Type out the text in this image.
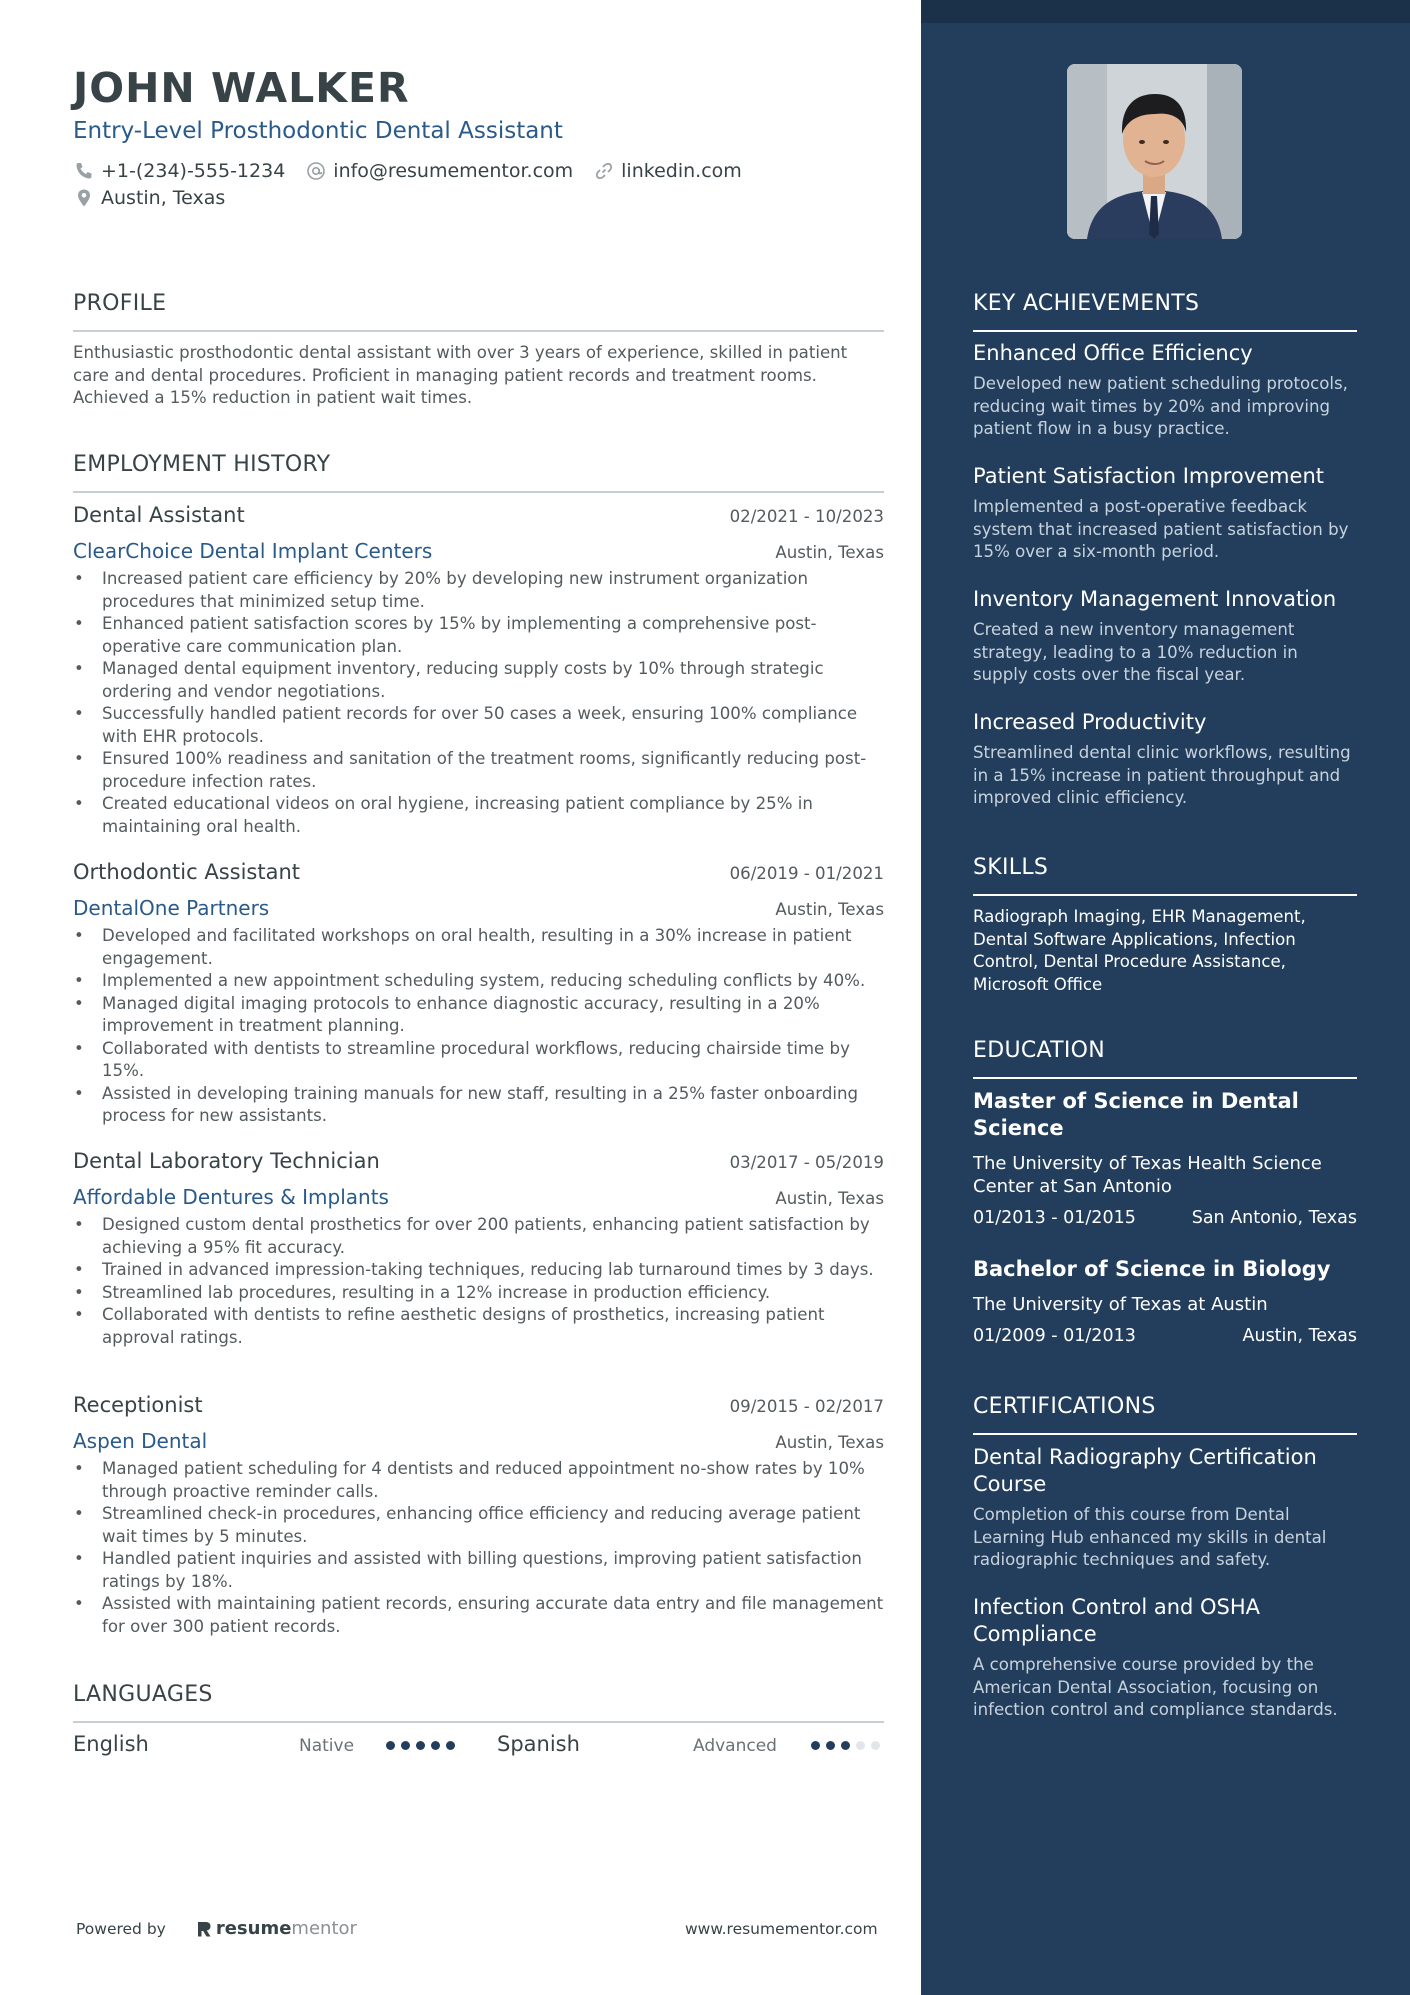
JOHN WALKER
Entry-Level Prosthodontic Dental Assistant
+1-(234)-555-1234	info@resumementor.com	linkedin.com
Austin, Texas
PROFILE
Enthusiastic prosthodontic dental assistant with over 3 years of experience, skilled in patient care and dental procedures. Proficient in managing patient records and treatment rooms. Achieved a 15% reduction in patient wait times.
EMPLOYMENT HISTORY
Dental Assistant	02/2021 - 10/2023
ClearChoice Dental Implant Centers	Austin, Texas
• Increased patient care efficiency by 20% by developing new instrument organization procedures that minimized setup time.
• Enhanced patient satisfaction scores by 15% by implementing a comprehensive post-operative care communication plan.
• Managed dental equipment inventory, reducing supply costs by 10% through strategic ordering and vendor negotiations.
• Successfully handled patient records for over 50 cases a week, ensuring 100% compliance with EHR protocols.
• Ensured 100% readiness and sanitation of the treatment rooms, significantly reducing post-procedure infection rates.
• Created educational videos on oral hygiene, increasing patient compliance by 25% in maintaining oral health.
Orthodontic Assistant	06/2019 - 01/2021
DentalOne Partners	Austin, Texas
• Developed and facilitated workshops on oral health, resulting in a 30% increase in patient engagement.
• Implemented a new appointment scheduling system, reducing scheduling conflicts by 40%.
• Managed digital imaging protocols to enhance diagnostic accuracy, resulting in a 20% improvement in treatment planning.
• Collaborated with dentists to streamline procedural workflows, reducing chairside time by 15%.
• Assisted in developing training manuals for new staff, resulting in a 25% faster onboarding process for new assistants.
Dental Laboratory Technician	03/2017 - 05/2019
Affordable Dentures & Implants	Austin, Texas
• Designed custom dental prosthetics for over 200 patients, enhancing patient satisfaction by achieving a 95% fit accuracy.
• Trained in advanced impression-taking techniques, reducing lab turnaround times by 3 days.
• Streamlined lab procedures, resulting in a 12% increase in production efficiency.
• Collaborated with dentists to refine aesthetic designs of prosthetics, increasing patient approval ratings.
Receptionist	09/2015 - 02/2017
Aspen Dental	Austin, Texas
• Managed patient scheduling for 4 dentists and reduced appointment no-show rates by 10% through proactive reminder calls.
• Streamlined check-in procedures, enhancing office efficiency and reducing average patient wait times by 5 minutes.
• Handled patient inquiries and assisted with billing questions, improving patient satisfaction ratings by 18%.
• Assisted with maintaining patient records, ensuring accurate data entry and file management for over 300 patient records.
LANGUAGES
English	Native	Spanish	Advanced
Powered by	resume mentor	www.resumementor.com
KEY ACHIEVEMENTS
Enhanced Office Efficiency
Developed new patient scheduling protocols, reducing wait times by 20% and improving patient flow in a busy practice.
Patient Satisfaction Improvement
Implemented a post-operative feedback system that increased patient satisfaction by 15% over a six-month period.
Inventory Management Innovation
Created a new inventory management strategy, leading to a 10% reduction in supply costs over the fiscal year.
Increased Productivity
Streamlined dental clinic workflows, resulting in a 15% increase in patient throughput and improved clinic efficiency.
SKILLS
Radiograph Imaging, EHR Management, Dental Software Applications, Infection Control, Dental Procedure Assistance, Microsoft Office
EDUCATION
Master of Science in Dental Science
The University of Texas Health Science Center at San Antonio
01/2013 - 01/2015	San Antonio, Texas
Bachelor of Science in Biology
The University of Texas at Austin
01/2009 - 01/2013	Austin, Texas
CERTIFICATIONS
Dental Radiography Certification Course
Completion of this course from Dental Learning Hub enhanced my skills in dental radiographic techniques and safety.
Infection Control and OSHA Compliance
A comprehensive course provided by the American Dental Association, focusing on infection control and compliance standards.
